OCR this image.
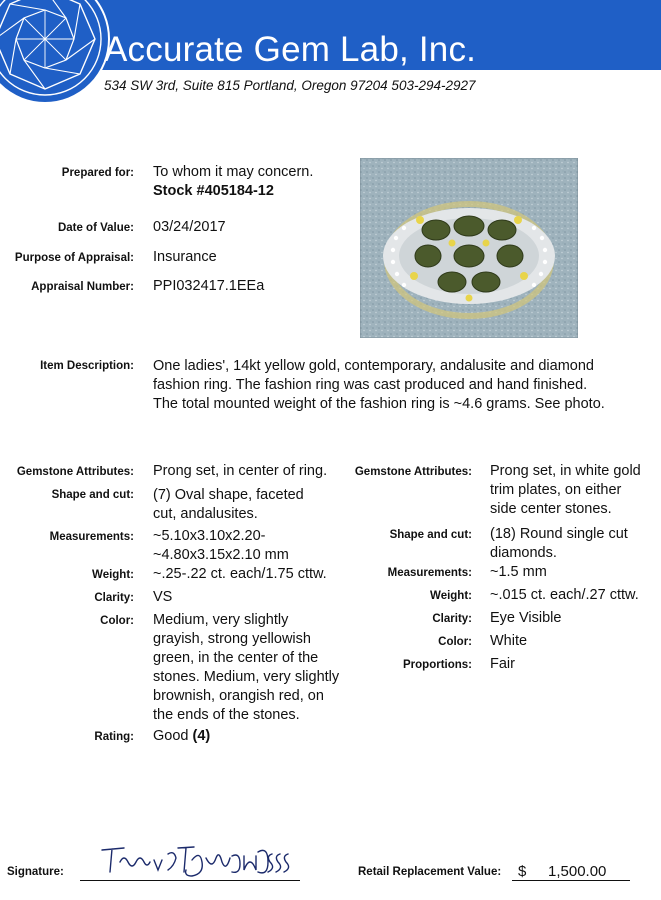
Accurate Gem Lab, Inc.
534 SW 3rd, Suite 815 Portland, Oregon 97204 503-294-2927
Prepared for: To whom it may concern.
Stock #405184-12
Date of Value: 03/24/2017
Purpose of Appraisal: Insurance
Appraisal Number: PPI032417.1EEa
Item Description: One ladies', 14kt yellow gold, contemporary, andalusite and diamond
fashion ring. The fashion ring was cast produced and hand finished.
The total mounted weight of the fashion ring is ~4.6 grams. See photo.
Gemstone Attributes: Prong set, in center of ring.
Shape and cut: (7) Oval shape, faceted
cut, andalusites.
Measurements: ~5.10x3.10x2.20-
~4.80x3.15x2.10 mm
Weight: ~.25-.22 ct. each/1.75 cttw.
Clarity: VS
Color: Medium, very slightly
grayish, strong yellowish
green, in the center of the
stones. Medium, very slightly
brownish, orangish red, on
the ends of the stones.
Rating: Good (4)
Gemstone Attributes: Prong set, in white gold
trim plates, on either
side center stones.
Shape and cut: (18) Round single cut
diamonds.
Measurements: ~1.5 mm
Weight: ~.015 ct. each/.27 cttw.
Clarity: Eye Visible
Color: White
Proportions: Fair
Signature:	Retail Replacement Value: $ 1,500.00
